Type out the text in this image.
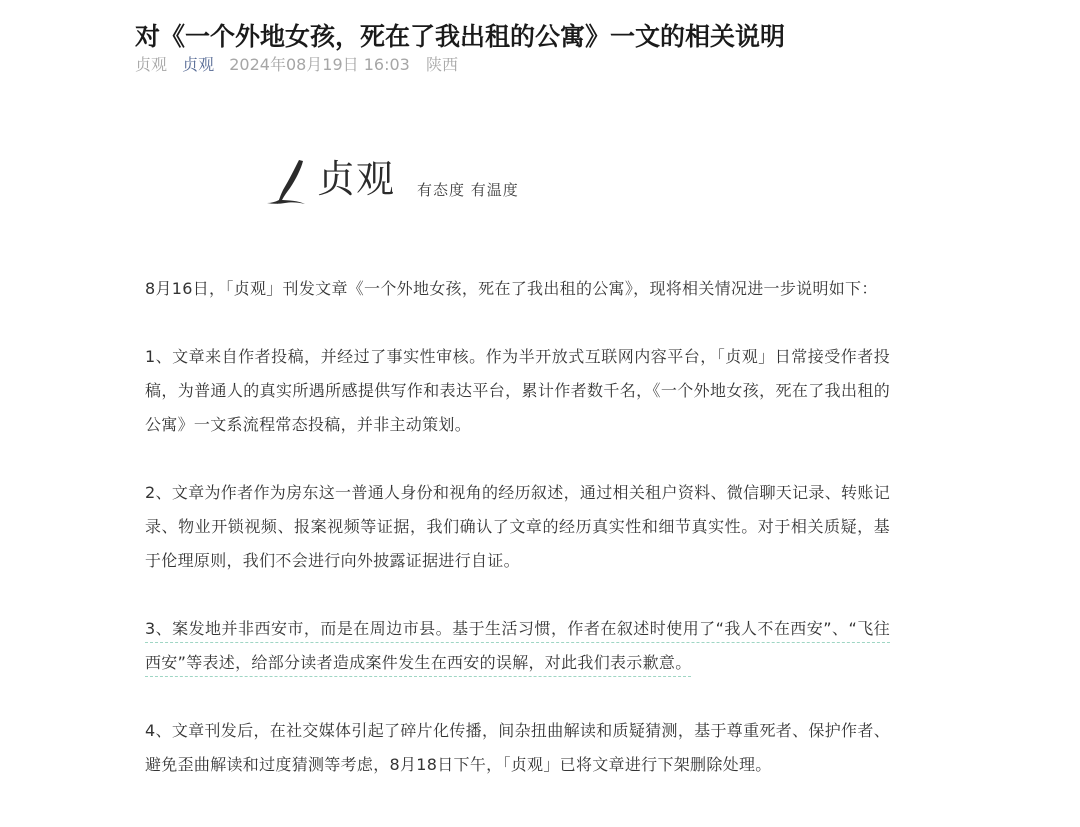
对《一个外地女孩，死在了我出租的公寓》一文的相关说明
贞观 贞观 2024年08月19日 16:03 陕西
贞观 有态度 有温度

8月16日，「贞观」刊发文章《一个外地女孩，死在了我出租的公寓》，现将相关情况进一步说明如下：

1、文章来自作者投稿，并经过了事实性审核。作为半开放式互联网内容平台，「贞观」日常接受作者投稿，为普通人的真实所遇所感提供写作和表达平台，累计作者数千名，《一个外地女孩，死在了我出租的公寓》一文系流程常态投稿，并非主动策划。

2、文章为作者作为房东这一普通人身份和视角的经历叙述，通过相关租户资料、微信聊天记录、转账记录、物业开锁视频、报案视频等证据，我们确认了文章的经历真实性和细节真实性。对于相关质疑，基于伦理原则，我们不会进行向外披露证据进行自证。

3、案发地并非西安市，而是在周边市县。基于生活习惯，作者在叙述时使用了“我人不在西安”、“飞往西安”等表述，给部分读者造成案件发生在西安的误解，对此我们表示歉意。

4、文章刊发后，在社交媒体引起了碎片化传播，间杂扭曲解读和质疑猜测，基于尊重死者、保护作者、避免歪曲解读和过度猜测等考虑，8月18日下午，「贞观」已将文章进行下架删除处理。
